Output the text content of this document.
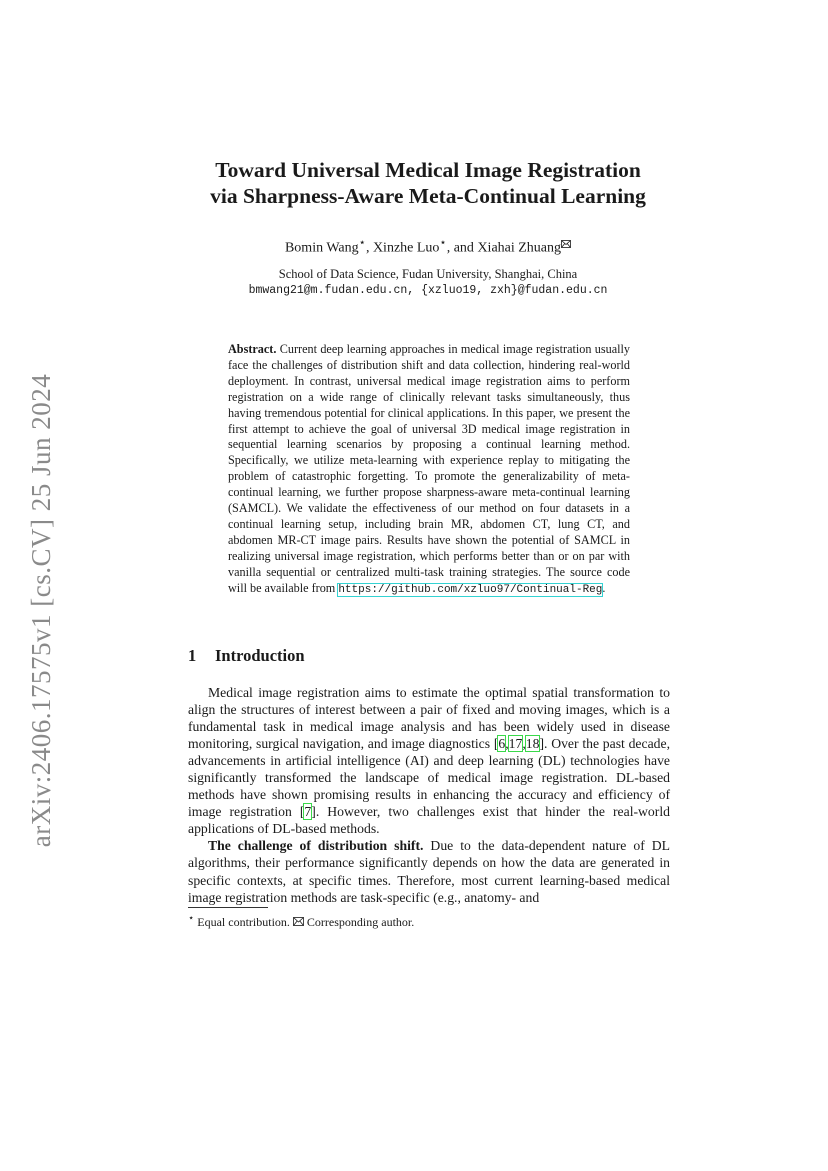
arXiv:2406.17575v1 [cs.CV] 25 Jun 2024
Toward Universal Medical Image Registration
via Sharpness-Aware Meta-Continual Learning
Bomin Wang⋆, Xinzhe Luo⋆, and Xiahai Zhuang
School of Data Science, Fudan University, Shanghai, China
bmwang21@m.fudan.edu.cn, {xzluo19, zxh}@fudan.edu.cn

Abstract. Current deep learning approaches in medical image registration usually face the challenges of distribution shift and data collection, hindering real-world deployment. In contrast, universal medical image registration aims to perform registration on a wide range of clinically relevant tasks simultaneously, thus having tremendous potential for clinical applications. In this paper, we present the first attempt to achieve the goal of universal 3D medical image registration in sequential learning scenarios by proposing a continual learning method. Specifically, we utilize meta-learning with experience replay to mitigating the problem of catastrophic forgetting. To promote the generalizability of meta-continual learning, we further propose sharpness-aware meta-continual learning (SAMCL). We validate the effectiveness of our method on four datasets in a continual learning setup, including brain MR, abdomen CT, lung CT, and abdomen MR-CT image pairs. Results have shown the potential of SAMCL in realizing universal image registration, which performs better than or on par with vanilla sequential or centralized multi-task training strategies. The source code will be available from https://github.com/xzluo97/Continual-Reg.

1 Introduction

Medical image registration aims to estimate the optimal spatial transformation to align the structures of interest between a pair of fixed and moving images, which is a fundamental task in medical image analysis and has been widely used in disease monitoring, surgical navigation, and image diagnostics [6,17,18]. Over the past decade, advancements in artificial intelligence (AI) and deep learning (DL) technologies have significantly transformed the landscape of medical image registration. DL-based methods have shown promising results in enhancing the accuracy and efficiency of image registration [7]. However, two challenges exist that hinder the real-world applications of DL-based methods.

The challenge of distribution shift. Due to the data-dependent nature of DL algorithms, their performance significantly depends on how the data are generated in specific contexts, at specific times. Therefore, most current learning-based medical image registration methods are task-specific (e.g., anatomy- and

⋆ Equal contribution.  Corresponding author.
